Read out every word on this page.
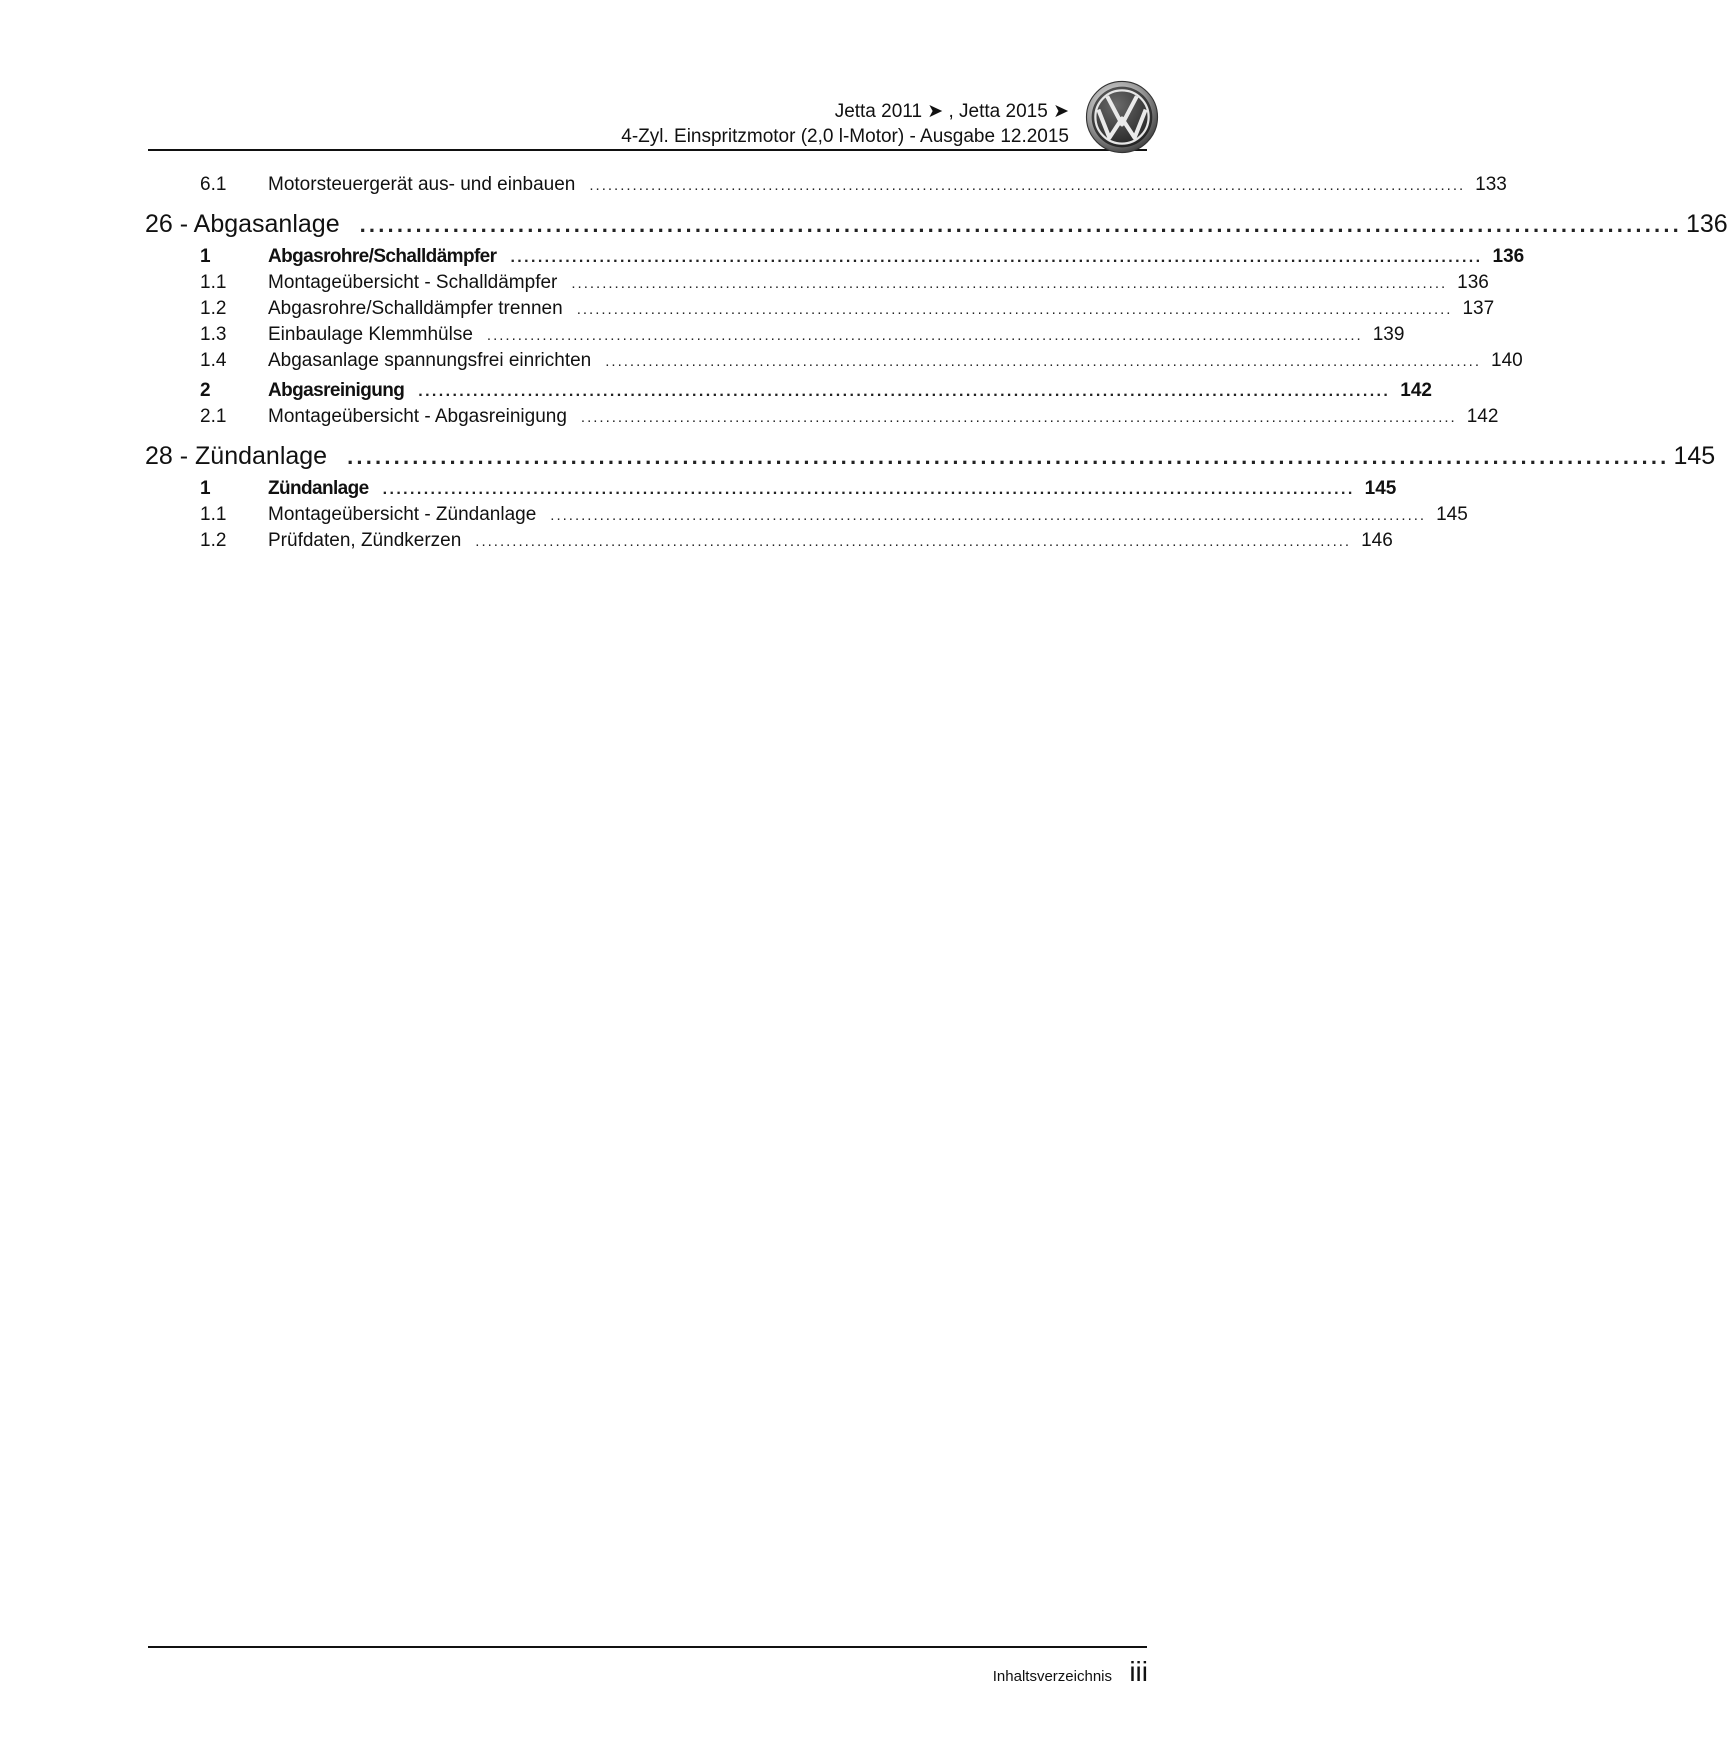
Jetta 2011 ➤ , Jetta 2015 ➤
4-Zyl. Einspritzmotor (2,0 l-Motor) - Ausgabe 12.2015
6.1	Motorsteuergerät aus- und einbauen .............................................................................................................................................. 133
26 - Abgasanlage .............................................................................................................................................. 136
1	Abgasrohre/Schalldämpfer .............................................................................................................................................. 136
1.1	Montageübersicht - Schalldämpfer .............................................................................................................................................. 136
1.2	Abgasrohre/Schalldämpfer trennen .............................................................................................................................................. 137
1.3	Einbaulage Klemmhülse .............................................................................................................................................. 139
1.4	Abgasanlage spannungsfrei einrichten .............................................................................................................................................. 140
2	Abgasreinigung .............................................................................................................................................. 142
2.1	Montageübersicht - Abgasreinigung .............................................................................................................................................. 142
28 - Zündanlage .............................................................................................................................................. 145
1	Zündanlage .............................................................................................................................................. 145
1.1	Montageübersicht - Zündanlage .............................................................................................................................................. 145
1.2	Prüfdaten, Zündkerzen .............................................................................................................................................. 146
Inhaltsverzeichnis iii
